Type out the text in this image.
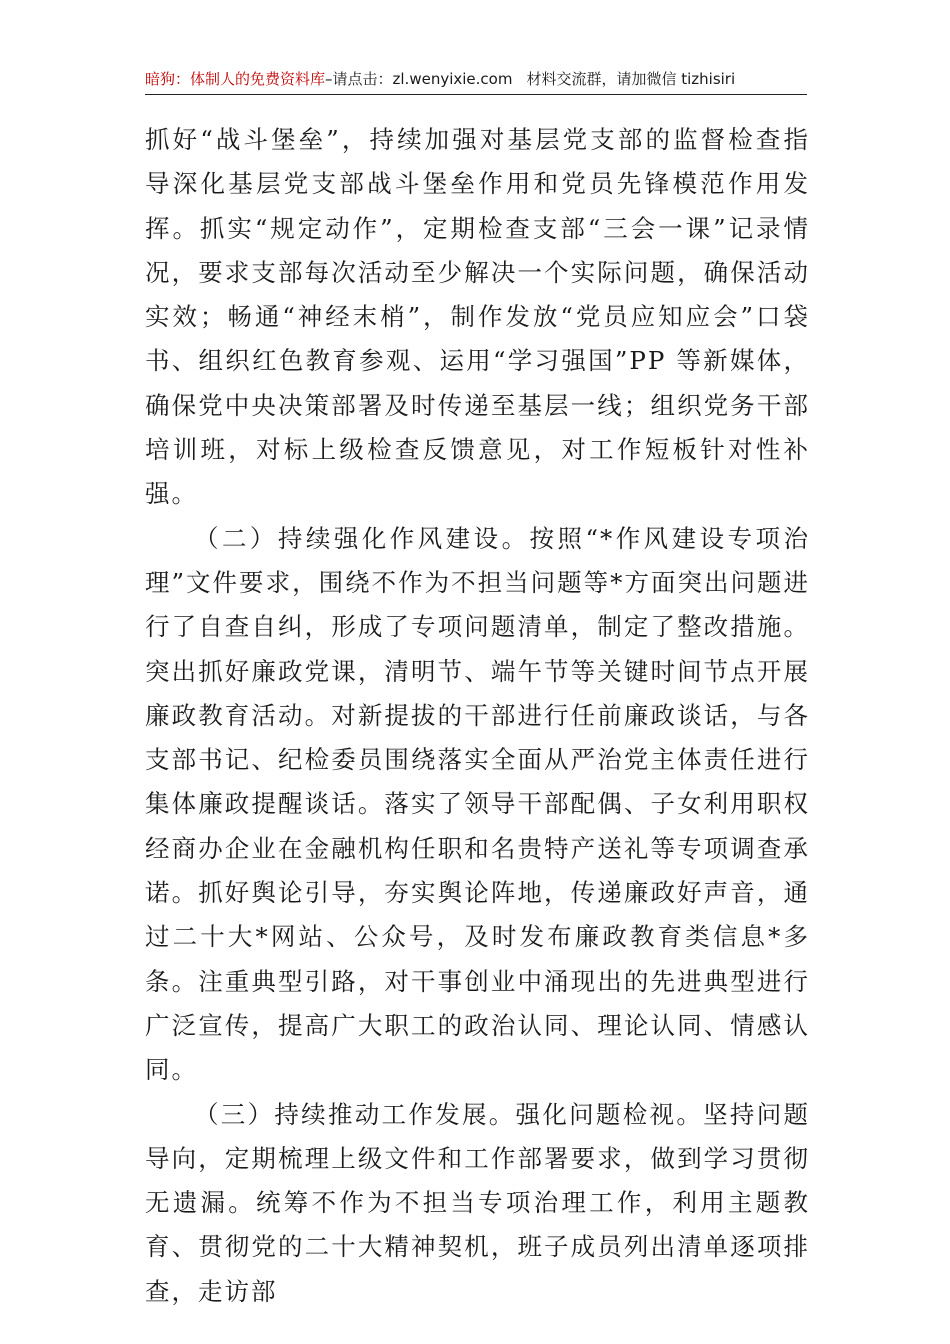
暗狗：体制人的免费资料库–请点击：zl.wenyixie.com 材料交流群，请加微信 tizhisiri

抓好“战斗堡垒”，持续加强对基层党支部的监督检查指导深化基层党支部战斗堡垒作用和党员先锋模范作用发挥。抓实“规定动作”，定期检查支部“三会一课”记录情况，要求支部每次活动至少解决一个实际问题，确保活动实效；畅通“神经末梢”，制作发放“党员应知应会”口袋书、组织红色教育参观、运用“学习强国”PP 等新媒体，确保党中央决策部署及时传递至基层一线；组织党务干部培训班，对标上级检查反馈意见，对工作短板针对性补强。

（二）持续强化作风建设。按照“*作风建设专项治理”文件要求，围绕不作为不担当问题等*方面突出问题进行了自查自纠，形成了专项问题清单，制定了整改措施。突出抓好廉政党课，清明节、端午节等关键时间节点开展廉政教育活动。对新提拔的干部进行任前廉政谈话，与各支部书记、纪检委员围绕落实全面从严治党主体责任进行集体廉政提醒谈话。落实了领导干部配偶、子女利用职权经商办企业在金融机构任职和名贵特产送礼等专项调查承诺。抓好舆论引导，夯实舆论阵地，传递廉政好声音，通过二十大*网站、公众号，及时发布廉政教育类信息*多条。注重典型引路，对干事创业中涌现出的先进典型进行广泛宣传，提高广大职工的政治认同、理论认同、情感认同。

（三）持续推动工作发展。强化问题检视。坚持问题导向，定期梳理上级文件和工作部署要求，做到学习贯彻无遗漏。统筹不作为不担当专项治理工作，利用主题教育、贯彻党的二十大精神契机，班子成员列出清单逐项排查，走访部
